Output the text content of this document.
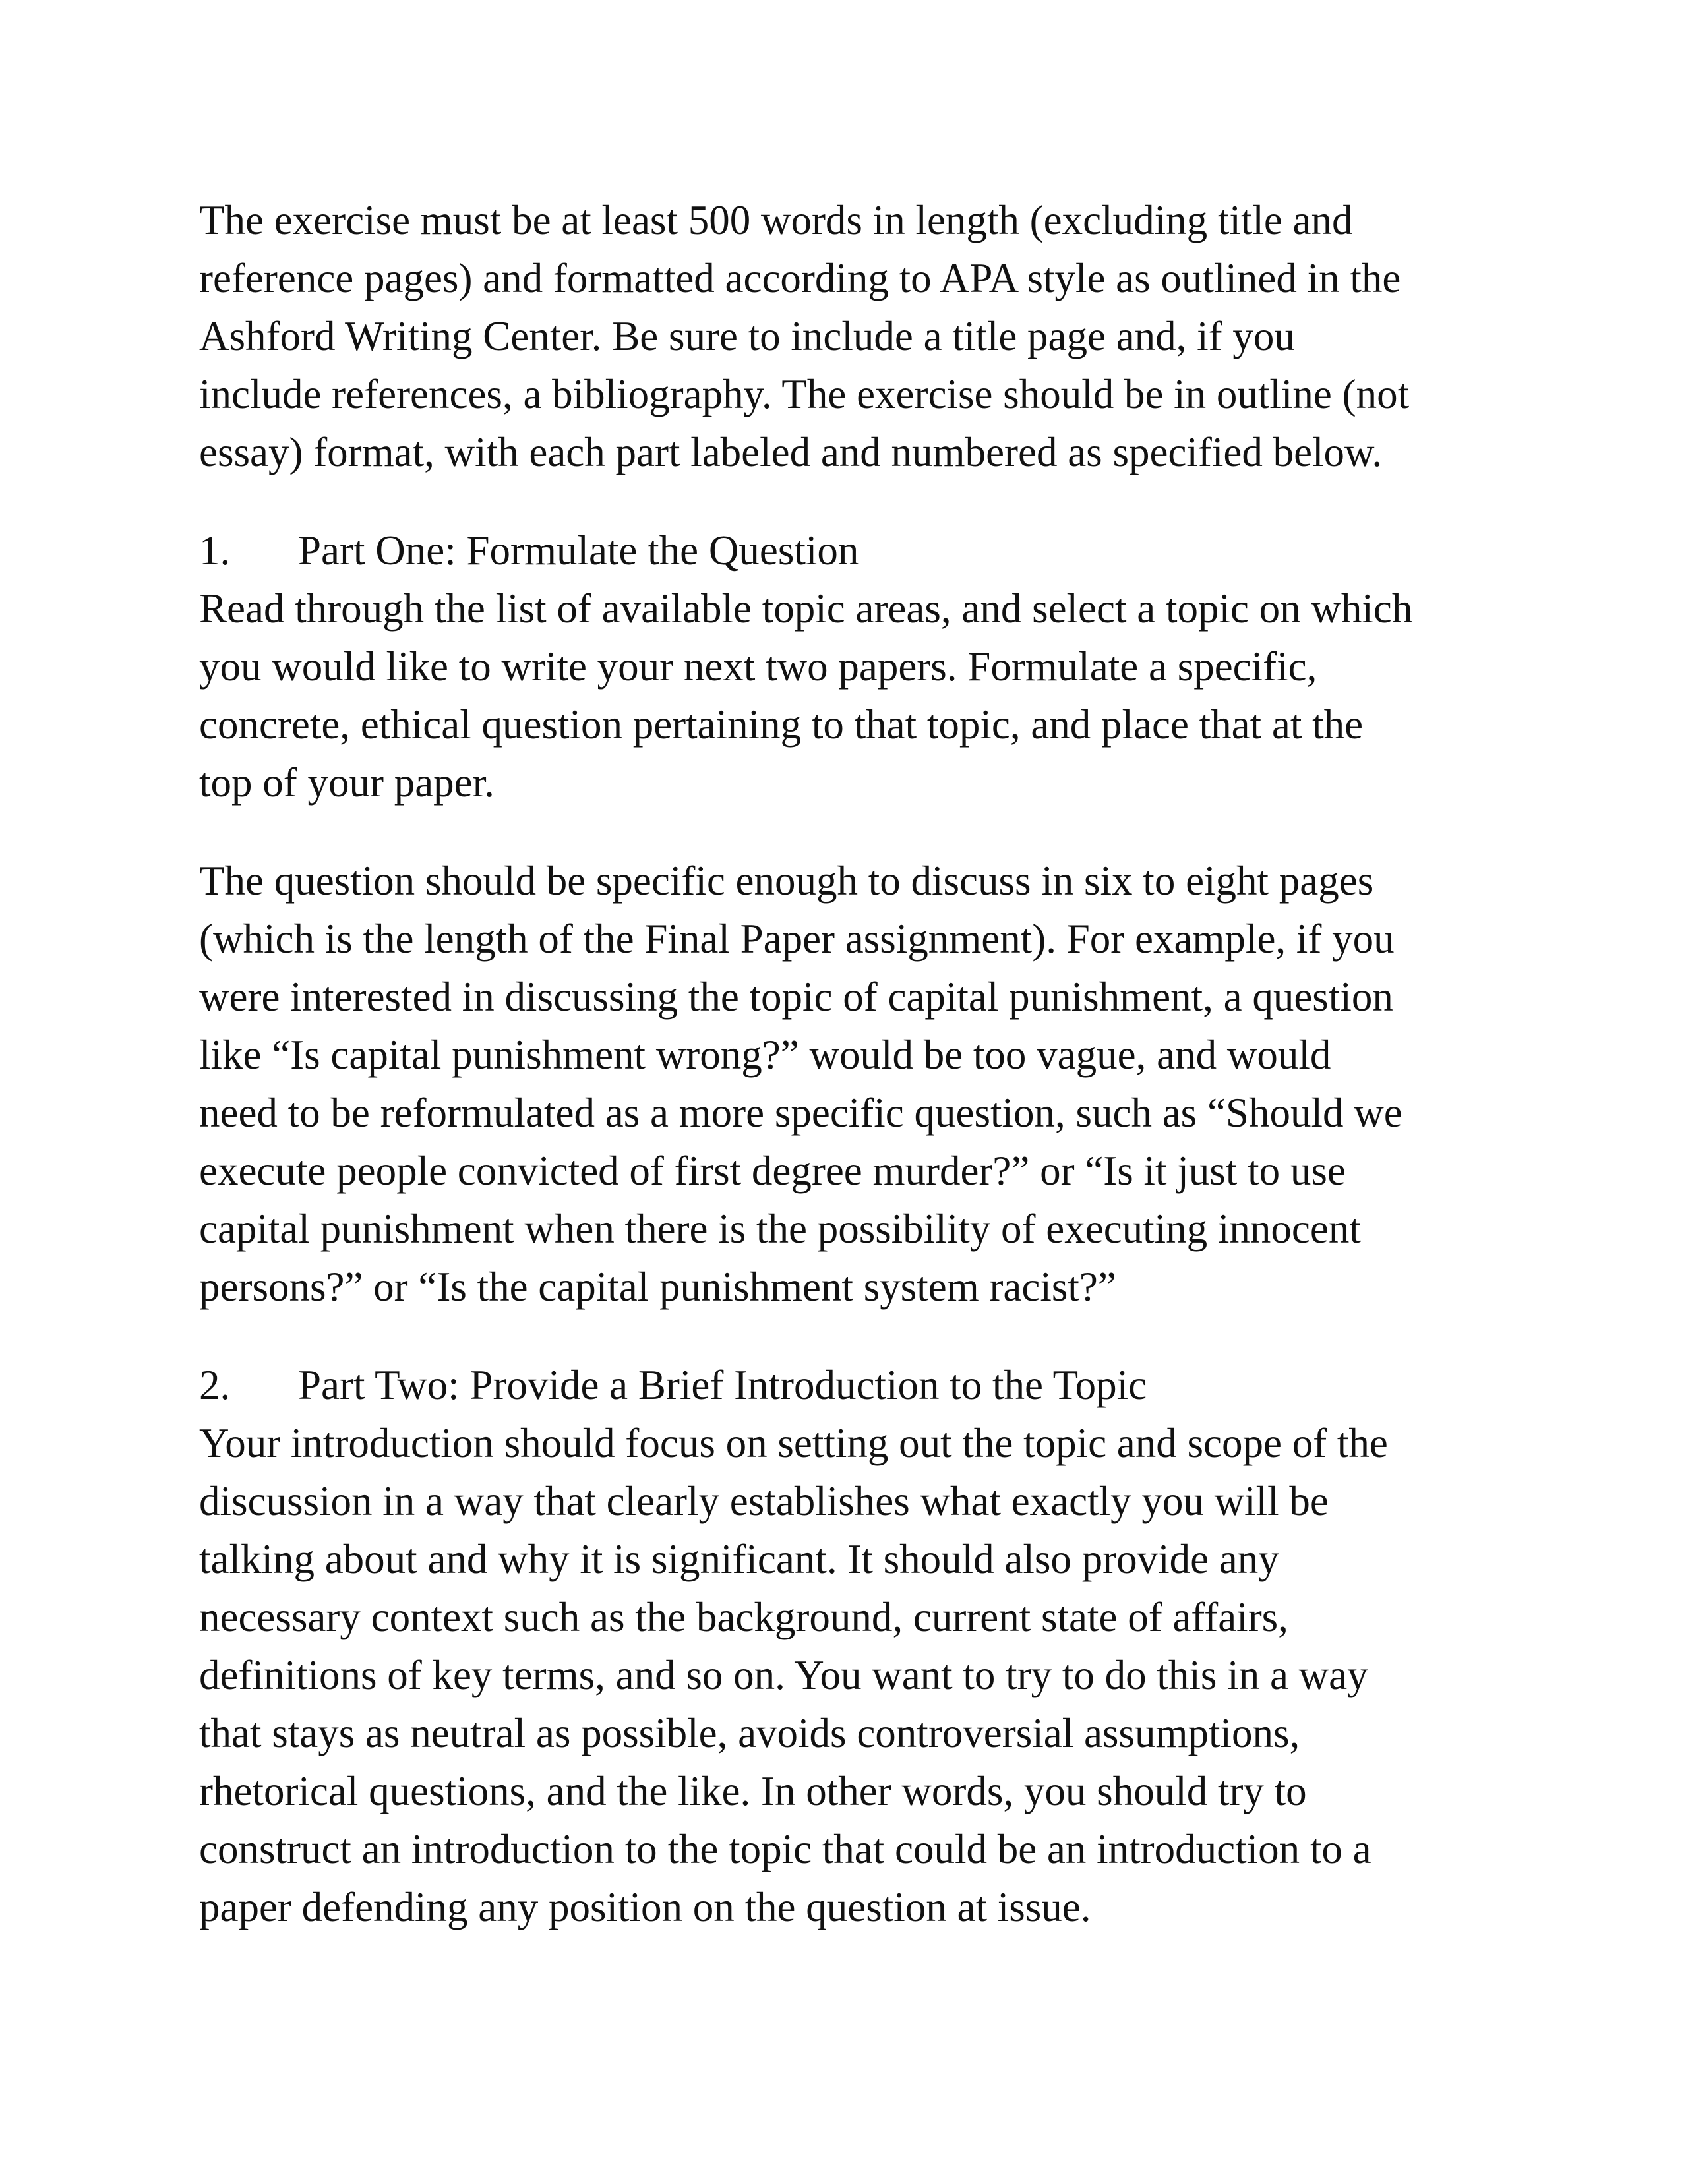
The exercise must be at least 500 words in length (excluding title and
reference pages) and formatted according to APA style as outlined in the
Ashford Writing Center. Be sure to include a title page and, if you
include references, a bibliography. The exercise should be in outline (not
essay) format, with each part labeled and numbered as specified below.
1. Part One: Formulate the Question
Read through the list of available topic areas, and select a topic on which
you would like to write your next two papers. Formulate a specific,
concrete, ethical question pertaining to that topic, and place that at the
top of your paper.
The question should be specific enough to discuss in six to eight pages
(which is the length of the Final Paper assignment). For example, if you
were interested in discussing the topic of capital punishment, a question
like “Is capital punishment wrong?” would be too vague, and would
need to be reformulated as a more specific question, such as “Should we
execute people convicted of first degree murder?” or “Is it just to use
capital punishment when there is the possibility of executing innocent
persons?” or “Is the capital punishment system racist?”
2. Part Two: Provide a Brief Introduction to the Topic
Your introduction should focus on setting out the topic and scope of the
discussion in a way that clearly establishes what exactly you will be
talking about and why it is significant. It should also provide any
necessary context such as the background, current state of affairs,
definitions of key terms, and so on. You want to try to do this in a way
that stays as neutral as possible, avoids controversial assumptions,
rhetorical questions, and the like. In other words, you should try to
construct an introduction to the topic that could be an introduction to a
paper defending any position on the question at issue.
